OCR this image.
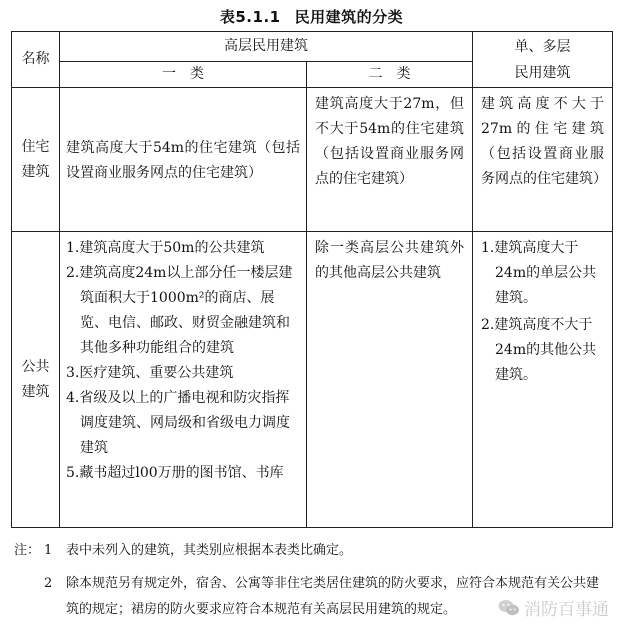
表5.1.1 民用建筑的分类
名称	高层民用建筑		单、多层
民用建筑

	一　类	二　类	
住宅建筑	建筑高度大于54m的住宅建筑（包括设置商业服务网点的住宅建筑）	建筑高度大于27m，但不大于54m的住宅建筑（包括设置商业服务网点的住宅建筑）	建筑高度不大于27m的住宅建筑（包括设置商业服务网点的住宅建筑）
公共建筑	1.建筑高度大于50m的公共建筑
2.建筑高度24m以上部分任一楼层建筑面积大于1000m²的商店、展览、电信、邮政、财贸金融建筑和其他多种功能组合的建筑
3.医疗建筑、重要公共建筑
4.省级及以上的广播电视和防灾指挥调度建筑、网局级和省级电力调度建筑
5.藏书超过l00万册的图书馆、书库	除一类高层公共建筑外的其他高层公共建筑	1.建筑高度大于
24m的单层公共建筑。
2.建筑高度不大于
24m的其他公共建筑。
注： 1	表中未列入的建筑，其类别应根据本表类比确定。
2	除本规范另有规定外，宿舍、公寓等非住宅类居住建筑的防火要求，应符合本规范有关公共建筑的规定；裙房的防火要求应符合本规范有关高层民用建筑的规定。	消防百事通
